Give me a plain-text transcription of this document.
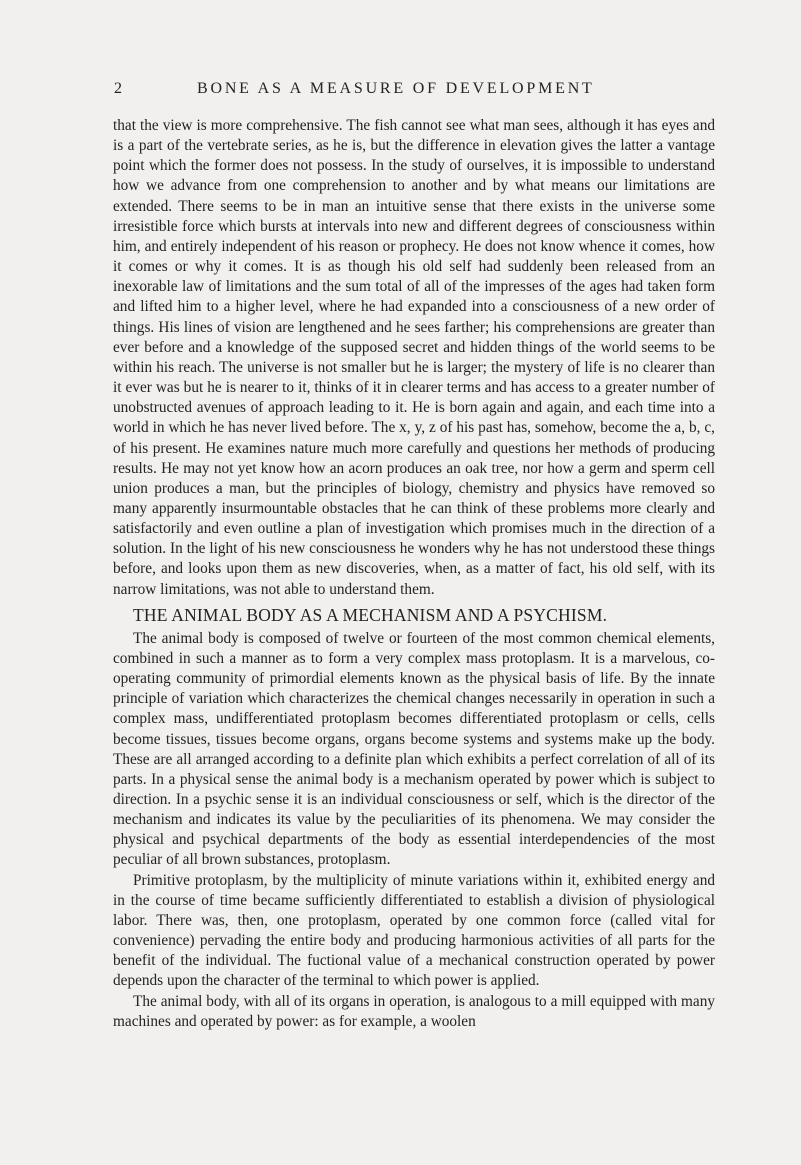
2	BONE AS A MEASURE OF DEVELOPMENT

that the view is more comprehensive. The fish cannot see what man sees, although it has eyes and is a part of the vertebrate series, as he is, but the difference in elevation gives the latter a vantage point which the former does not possess. In the study of ourselves, it is impossible to understand how we advance from one comprehension to another and by what means our limitations are extended. There seems to be in man an intuitive sense that there exists in the universe some irresistible force which bursts at intervals into new and different degrees of consciousness within him, and entirely independent of his reason or prophecy. He does not know whence it comes, how it comes or why it comes. It is as though his old self had suddenly been released from an inexorable law of limitations and the sum total of all of the impresses of the ages had taken form and lifted him to a higher level, where he had expanded into a consciousness of a new order of things. His lines of vision are lengthened and he sees farther; his comprehensions are greater than ever before and a knowledge of the supposed secret and hidden things of the world seems to be within his reach. The universe is not smaller but he is larger; the mystery of life is no clearer than it ever was but he is nearer to it, thinks of it in clearer terms and has access to a greater number of unobstructed avenues of approach leading to it. He is born again and again, and each time into a world in which he has never lived before. The x, y, z of his past has, somehow, become the a, b, c, of his present. He examines nature much more carefully and questions her methods of producing results. He may not yet know how an acorn produces an oak tree, nor how a germ and sperm cell union produces a man, but the principles of biology, chemistry and physics have removed so many apparently insurmountable obstacles that he can think of these problems more clearly and satisfactorily and even outline a plan of investigation which promises much in the direction of a solution. In the light of his new consciousness he wonders why he has not understood these things before, and looks upon them as new discoveries, when, as a matter of fact, his old self, with its narrow limitations, was not able to understand them.

THE ANIMAL BODY AS A MECHANISM AND A PSYCHISM.

The animal body is composed of twelve or fourteen of the most common chemical elements, combined in such a manner as to form a very complex mass protoplasm. It is a marvelous, co-operating community of primordial elements known as the physical basis of life. By the innate principle of variation which characterizes the chemical changes necessarily in operation in such a complex mass, undifferentiated protoplasm becomes differentiated protoplasm or cells, cells become tissues, tissues become organs, organs become systems and systems make up the body. These are all arranged according to a definite plan which exhibits a perfect correlation of all of its parts. In a physical sense the animal body is a mechanism operated by power which is subject to direction. In a psychic sense it is an individual consciousness or self, which is the director of the mechanism and indicates its value by the peculiarities of its phenomena. We may consider the physical and psychical departments of the body as essential interdependencies of the most peculiar of all brown substances, protoplasm.

Primitive protoplasm, by the multiplicity of minute variations within it, exhibited energy and in the course of time became sufficiently differentiated to establish a division of physiological labor. There was, then, one protoplasm, operated by one common force (called vital for convenience) pervading the entire body and producing harmonious activities of all parts for the benefit of the individual. The fuctional value of a mechanical construction operated by power depends upon the character of the terminal to which power is applied.

The animal body, with all of its organs in operation, is analogous to a mill equipped with many machines and operated by power: as for example, a woolen
